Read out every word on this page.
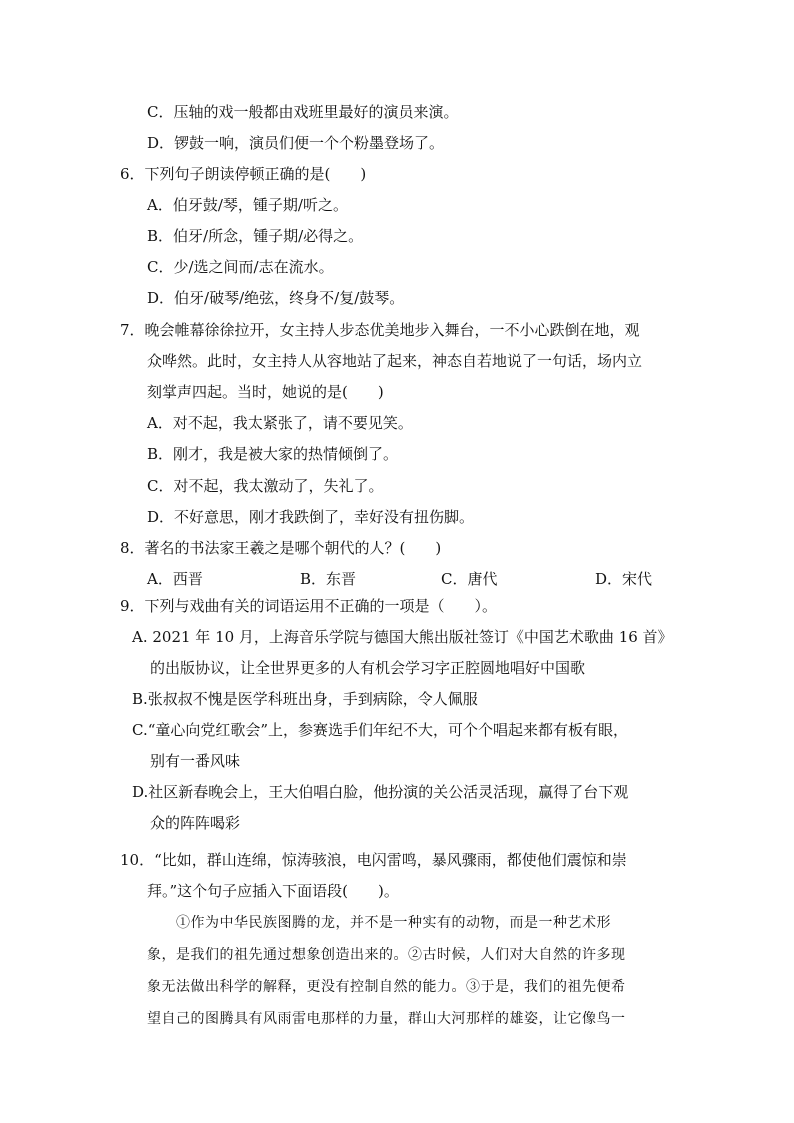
C．压轴的戏一般都由戏班里最好的演员来演。
D．锣鼓一响，演员们便一个个粉墨登场了。
6．下列句子朗读停顿正确的是(　　)
A．伯牙鼓/琴，锺子期/听之。
B．伯牙/所念，锺子期/必得之。
C．少/选之间而/志在流水。
D．伯牙/破琴/绝弦，终身不/复/鼓琴。
7．晚会帷幕徐徐拉开，女主持人步态优美地步入舞台，一不小心跌倒在地，观
众哗然。此时，女主持人从容地站了起来，神态自若地说了一句话，场内立
刻掌声四起。当时，她说的是(　　)
A．对不起，我太紧张了，请不要见笑。
B．刚才，我是被大家的热情倾倒了。
C．对不起，我太激动了，失礼了。
D．不好意思，刚才我跌倒了，幸好没有扭伤脚。
8．著名的书法家王羲之是哪个朝代的人？(　　)
A．西晋	B．东晋	C．唐代	D．宋代
9．下列与戏曲有关的词语运用不正确的一项是（　　）。
A. 2021 年 10 月，上海音乐学院与德国大熊出版社签订《中国艺术歌曲 16 首》
的出版协议，让全世界更多的人有机会学习字正腔圆地唱好中国歌
B.张叔叔不愧是医学科班出身，手到病除，令人佩服
C.“童心向党红歌会”上，参赛选手们年纪不大，可个个唱起来都有板有眼，
别有一番风味
D.社区新春晚会上，王大伯唱白脸，他扮演的关公活灵活现，赢得了台下观
众的阵阵喝彩
10．“比如，群山连绵，惊涛骇浪，电闪雷鸣，暴风骤雨，都使他们震惊和崇
拜。”这个句子应插入下面语段(　　)。
①作为中华民族图腾的龙，并不是一种实有的动物，而是一种艺术形
象，是我们的祖先通过想象创造出来的。②古时候，人们对大自然的许多现
象无法做出科学的解释，更没有控制自然的能力。③于是，我们的祖先便希
望自己的图腾具有风雨雷电那样的力量，群山大河那样的雄姿，让它像鸟一
